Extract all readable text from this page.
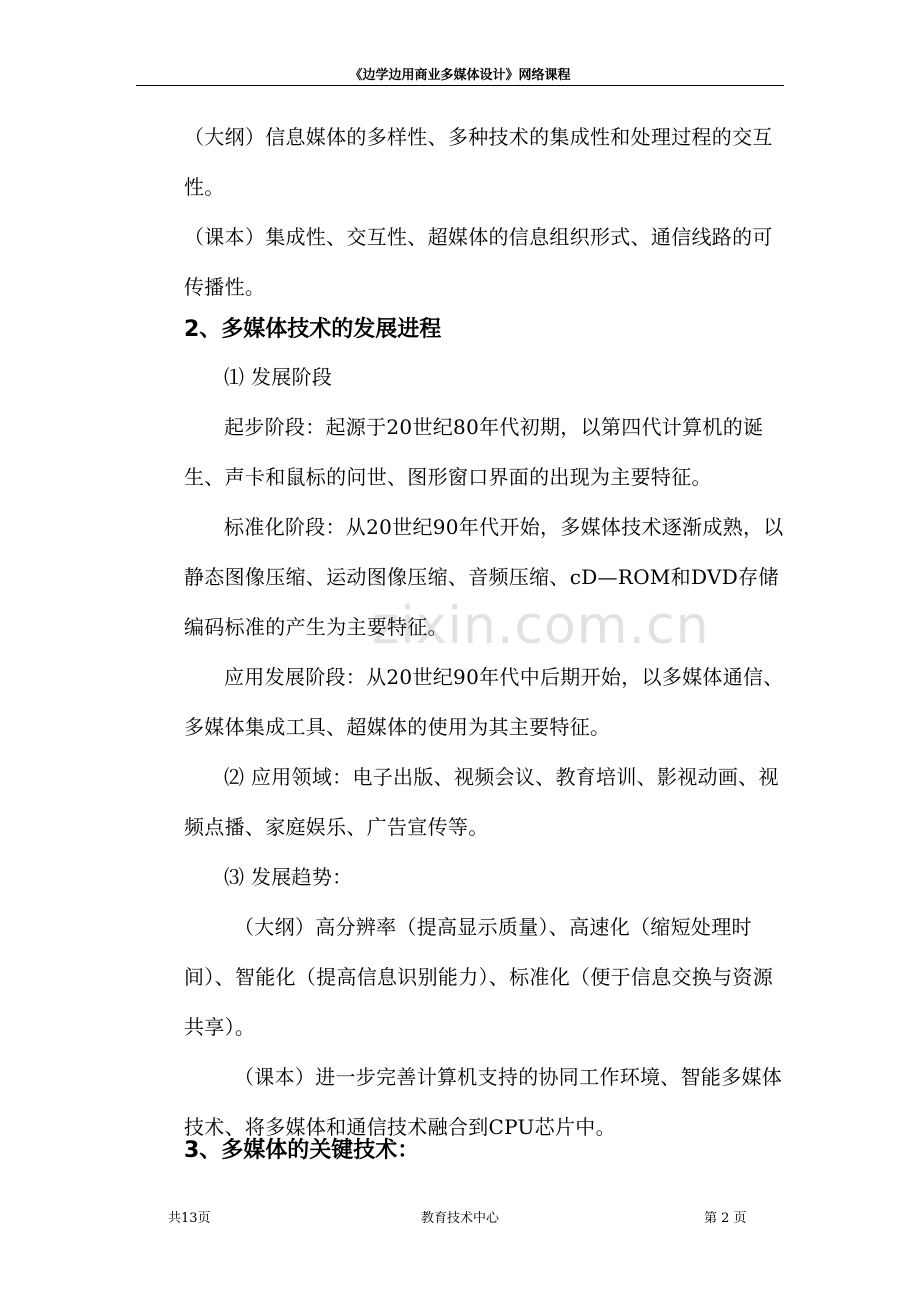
《边学边用商业多媒体设计》网络课程
zixin.com.cn

（大纲）信息媒体的多样性、多种技术的集成性和处理过程的交互性。

（课本）集成性、交互性、超媒体的信息组织形式、通信线路的可传播性。

2、多媒体技术的发展进程

⑴ 发展阶段

起步阶段：起源于20世纪80年代初期，以第四代计算机的诞生、声卡和鼠标的问世、图形窗口界面的出现为主要特征。

标准化阶段：从20世纪90年代开始，多媒体技术逐渐成熟，以静态图像压缩、运动图像压缩、音频压缩、cD—ROM和DVD存储编码标准的产生为主要特征。

应用发展阶段：从20世纪90年代中后期开始，以多媒体通信、多媒体集成工具、超媒体的使用为其主要特征。

⑵ 应用领域：电子出版、视频会议、教育培训、影视动画、视频点播、家庭娱乐、广告宣传等。

⑶ 发展趋势：

（大纲）高分辨率（提高显示质量）、高速化（缩短处理时间）、智能化（提高信息识别能力）、标准化（便于信息交换与资源共享）。

（课本）进一步完善计算机支持的协同工作环境、智能多媒体技术、将多媒体和通信技术融合到CPU芯片中。

3、多媒体的关键技术：
共13页	教育技术中心	第 2 页
